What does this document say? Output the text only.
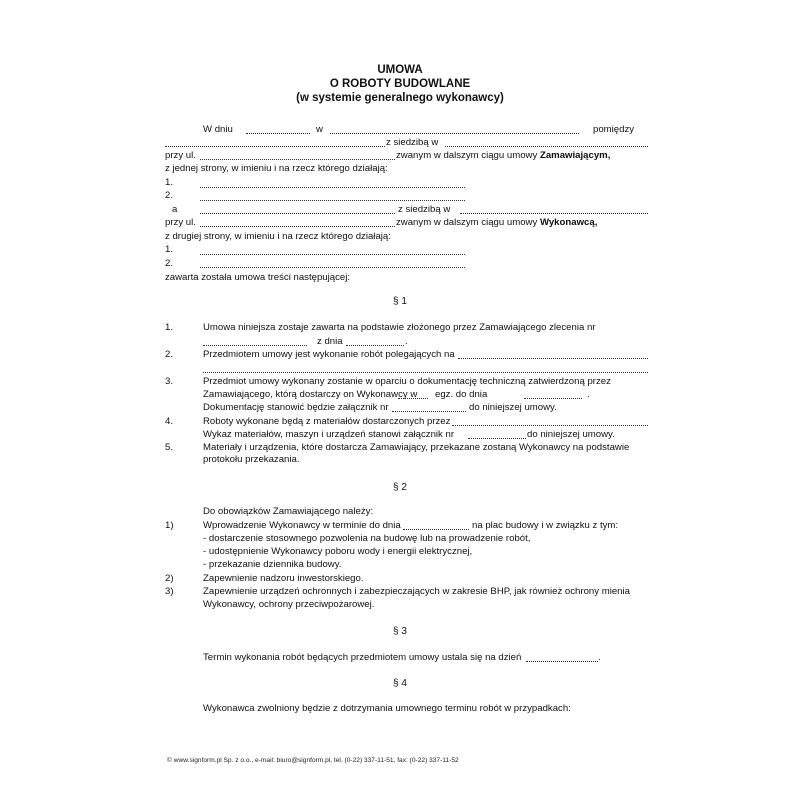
UMOWA
O ROBOTY BUDOWLANE
(w systemie generalnego wykonawcy)
W dniu	w	pomiędzy
z siedzibą w
przy ul.	zwanym w dalszym ciągu umowy Zamawiającym,
z jednej strony, w imieniu i na rzecz którego działają:
1.
2.
a	z siedzibą w
przy ul.	zwanym w dalszym ciągu umowy Wykonawcą,
z drugiej strony, w imieniu i na rzecz którego działają:
1.
2.
zawarta została umowa treści następującej:
§ 1
1.	Umowa niniejsza zostaje zawarta na podstawie złożonego przez Zamawiającego zlecenia nr
z dnia	.
2.	Przedmiotem umowy jest wykonanie robót polegających na
3.	Przedmiot umowy wykonany zostanie w oparciu o dokumentację techniczną zatwierdzoną przez
Zamawiającego, którą dostarczy on Wykonawcy w egz. do dnia	.
Dokumentację stanowić będzie załącznik nr	do niniejszej umowy.
4.	Roboty wykonane będą z materiałów dostarczonych przez
Wykaz materiałów, maszyn i urządzeń stanowi załącznik nr	do niniejszej umowy.
5.	Materiały i urządzenia, które dostarcza Zamawiający, przekazane zostaną Wykonawcy na podstawie
protokołu przekazania.
§ 2
Do obowiązków Zamawiającego należy:
1)	Wprowadzenie Wykonawcy w terminie do dnia	na plac budowy i w związku z tym:
- dostarczenie stosownego pozwolenia na budowę lub na prowadzenie robót,
- udostępnienie Wykonawcy poboru wody i energii elektrycznej,
- przekazanie dziennika budowy.
2)	Zapewnienie nadzoru inwestorskiego.
3)	Zapewnienie urządzeń ochronnych i zabezpieczających w zakresie BHP, jak również ochrony mienia
Wykonawcy, ochrony przeciwpożarowej.
§ 3
Termin wykonania robót będących przedmiotem umowy ustala się na dzień	.
§ 4
Wykonawca zwolniony będzie z dotrzymania umownego terminu robót w przypadkach:
© www.signform.pl Sp. z o.o., e-mail: biuro@signform.pl, tel. (0-22) 337-11-51, fax: (0-22) 337-11-52
